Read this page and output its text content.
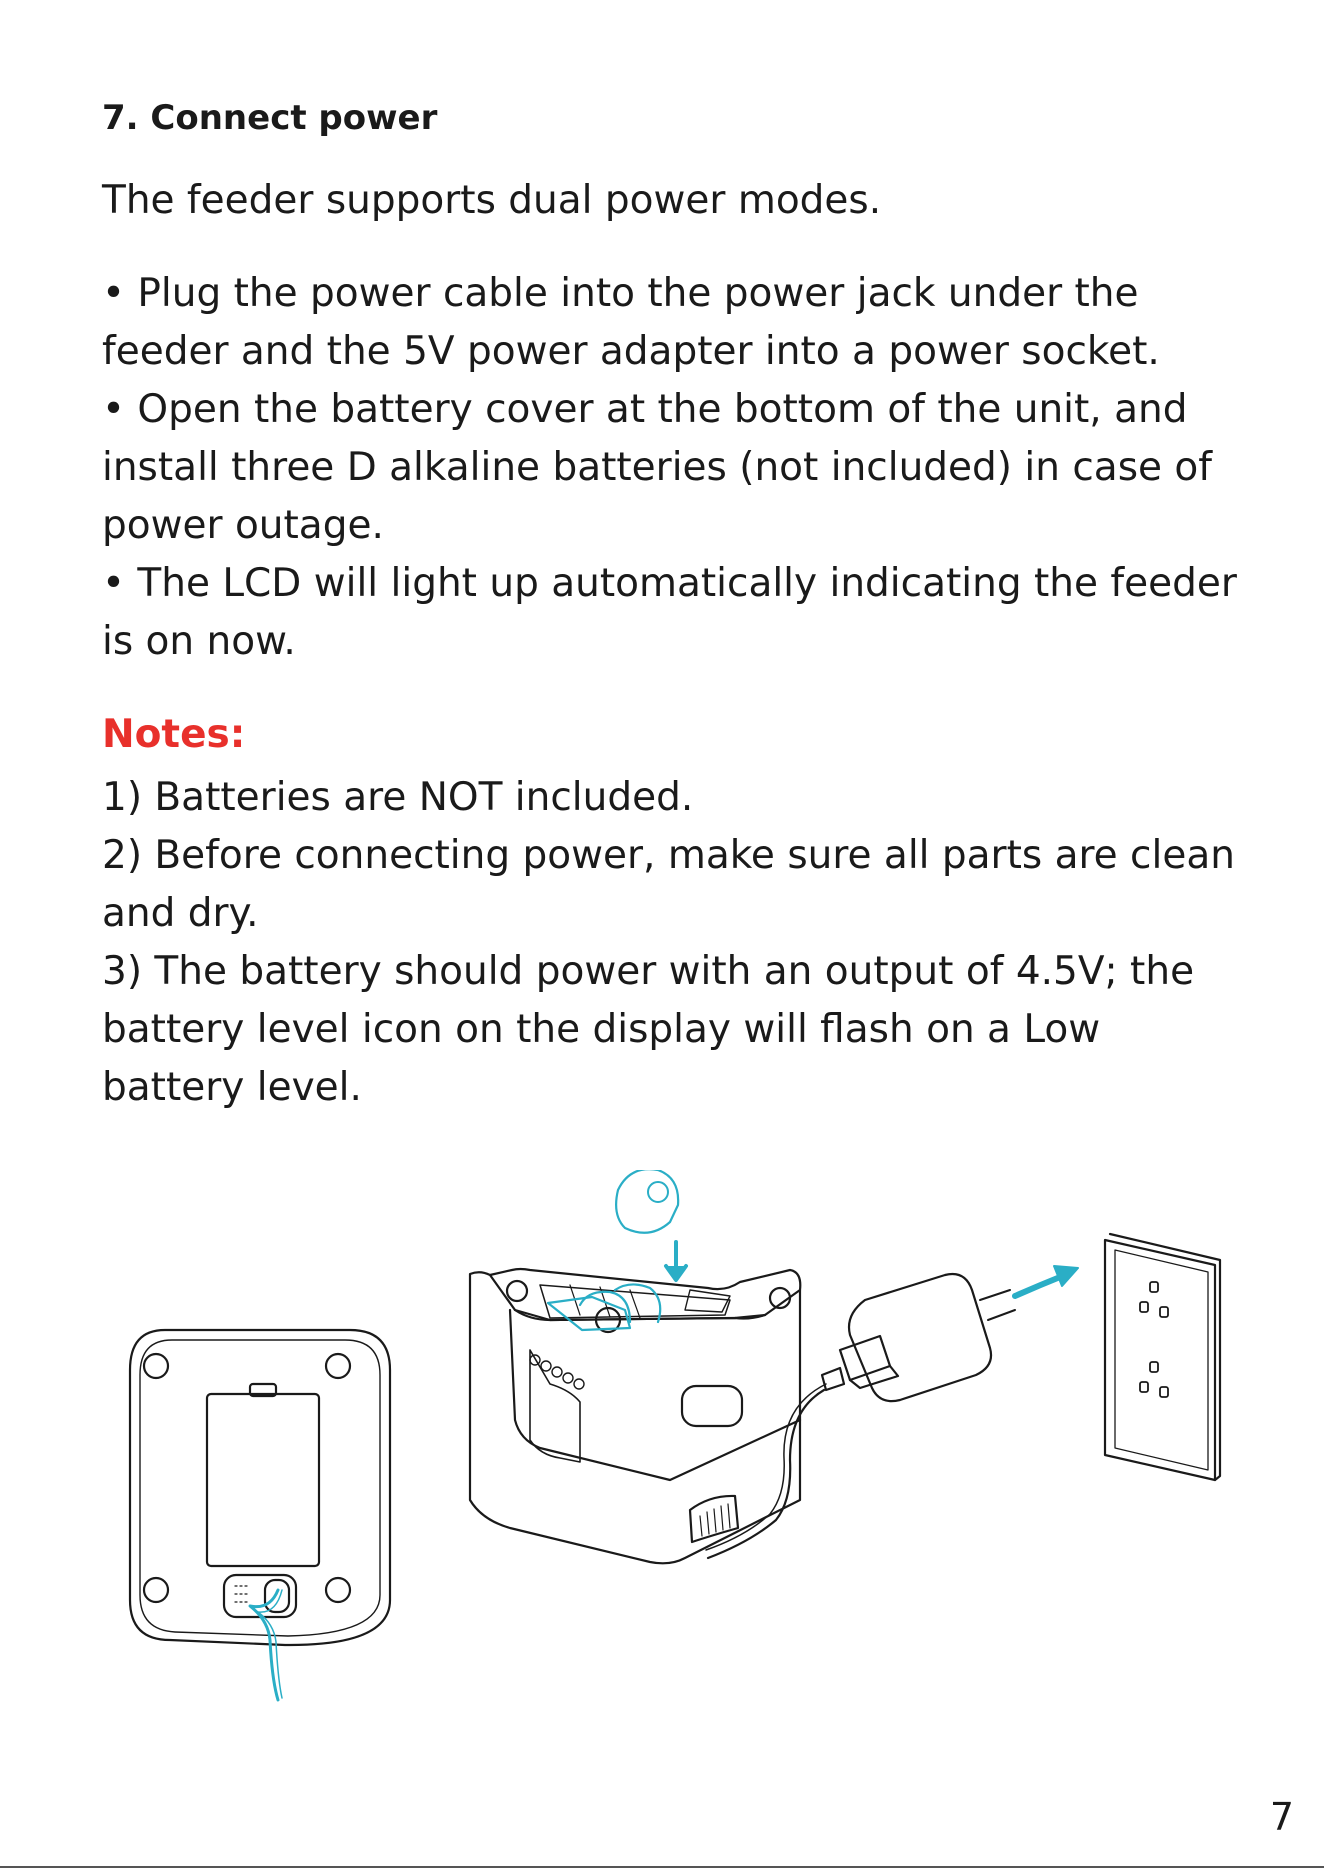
7. Connect power

The feeder supports dual power modes.

• Plug the power cable into the power jack under the feeder and the 5V power adapter into a power socket.
• Open the battery cover at the bottom of the unit, and install three D alkaline batteries (not included) in case of power outage.
• The LCD will light up automatically indicating the feeder is on now.

Notes:

1) Batteries are NOT included.
2) Before connecting power, make sure all parts are clean and dry.
3) The battery should power with an output of 4.5V; the battery level icon on the display will flash on a Low battery level.

7
